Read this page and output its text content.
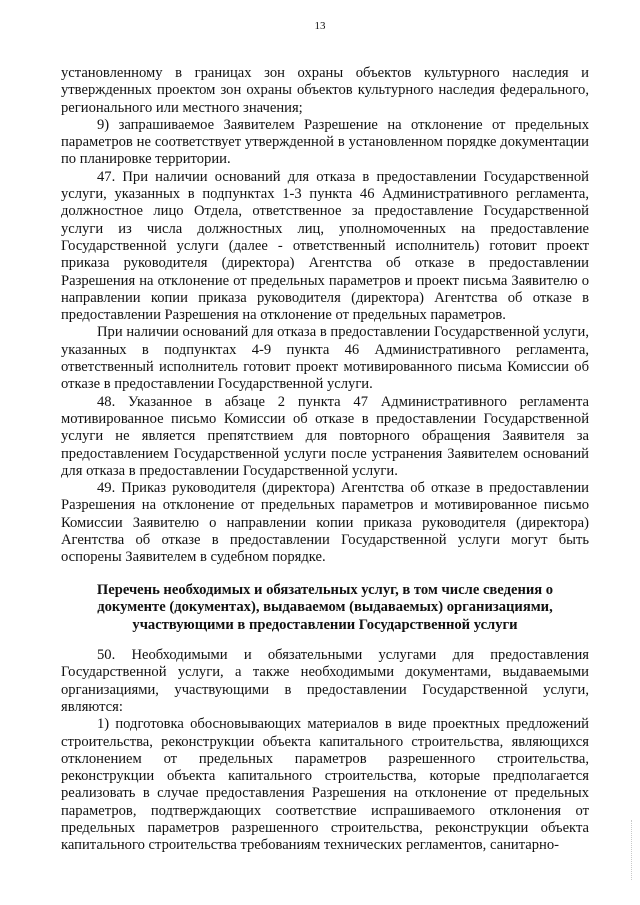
13

установленному в границах зон охраны объектов культурного наследия и утвержденных проектом зон охраны объектов культурного наследия федерального, регионального или местного значения;

9) запрашиваемое Заявителем Разрешение на отклонение от предельных параметров не соответствует утвержденной в установленном порядке документации по планировке территории.

47. При наличии оснований для отказа в предоставлении Государственной услуги, указанных в подпунктах 1-3 пункта 46 Административного регламента, должностное лицо Отдела, ответственное за предоставление Государственной услуги из числа должностных лиц, уполномоченных на предоставление Государственной услуги (далее - ответственный исполнитель) готовит проект приказа руководителя (директора) Агентства об отказе в предоставлении Разрешения на отклонение от предельных параметров и проект письма Заявителю о направлении копии приказа руководителя (директора) Агентства об отказе в предоставлении Разрешения на отклонение от предельных параметров.

При наличии оснований для отказа в предоставлении Государственной услуги, указанных в подпунктах 4-9 пункта 46 Административного регламента, ответственный исполнитель готовит проект мотивированного письма Комиссии об отказе в предоставлении Государственной услуги.

48. Указанное в абзаце 2 пункта 47 Административного регламента мотивированное письмо Комиссии об отказе в предоставлении Государственной услуги не является препятствием для повторного обращения Заявителя за предоставлением Государственной услуги после устранения Заявителем оснований для отказа в предоставлении Государственной услуги.

49. Приказ руководителя (директора) Агентства об отказе в предоставлении Разрешения на отклонение от предельных параметров и мотивированное письмо Комиссии Заявителю о направлении копии приказа руководителя (директора) Агентства об отказе в предоставлении Государственной услуги могут быть оспорены Заявителем в судебном порядке.

Перечень необходимых и обязательных услуг, в том числе сведения о
документе (документах), выдаваемом (выдаваемых) организациями,
участвующими в предоставлении Государственной услуги

50. Необходимыми и обязательными услугами для предоставления Государственной услуги, а также необходимыми документами, выдаваемыми организациями, участвующими в предоставлении Государственной услуги, являются:

1) подготовка обосновывающих материалов в виде проектных предложений строительства, реконструкции объекта капитального строительства, являющихся отклонением от предельных параметров разрешенного строительства, реконструкции объекта капитального строительства, которые предполагается реализовать в случае предоставления Разрешения на отклонение от предельных параметров, подтверждающих соответствие испрашиваемого отклонения от предельных параметров разрешенного строительства, реконструкции объекта капитального строительства требованиям технических регламентов, санитарно-
